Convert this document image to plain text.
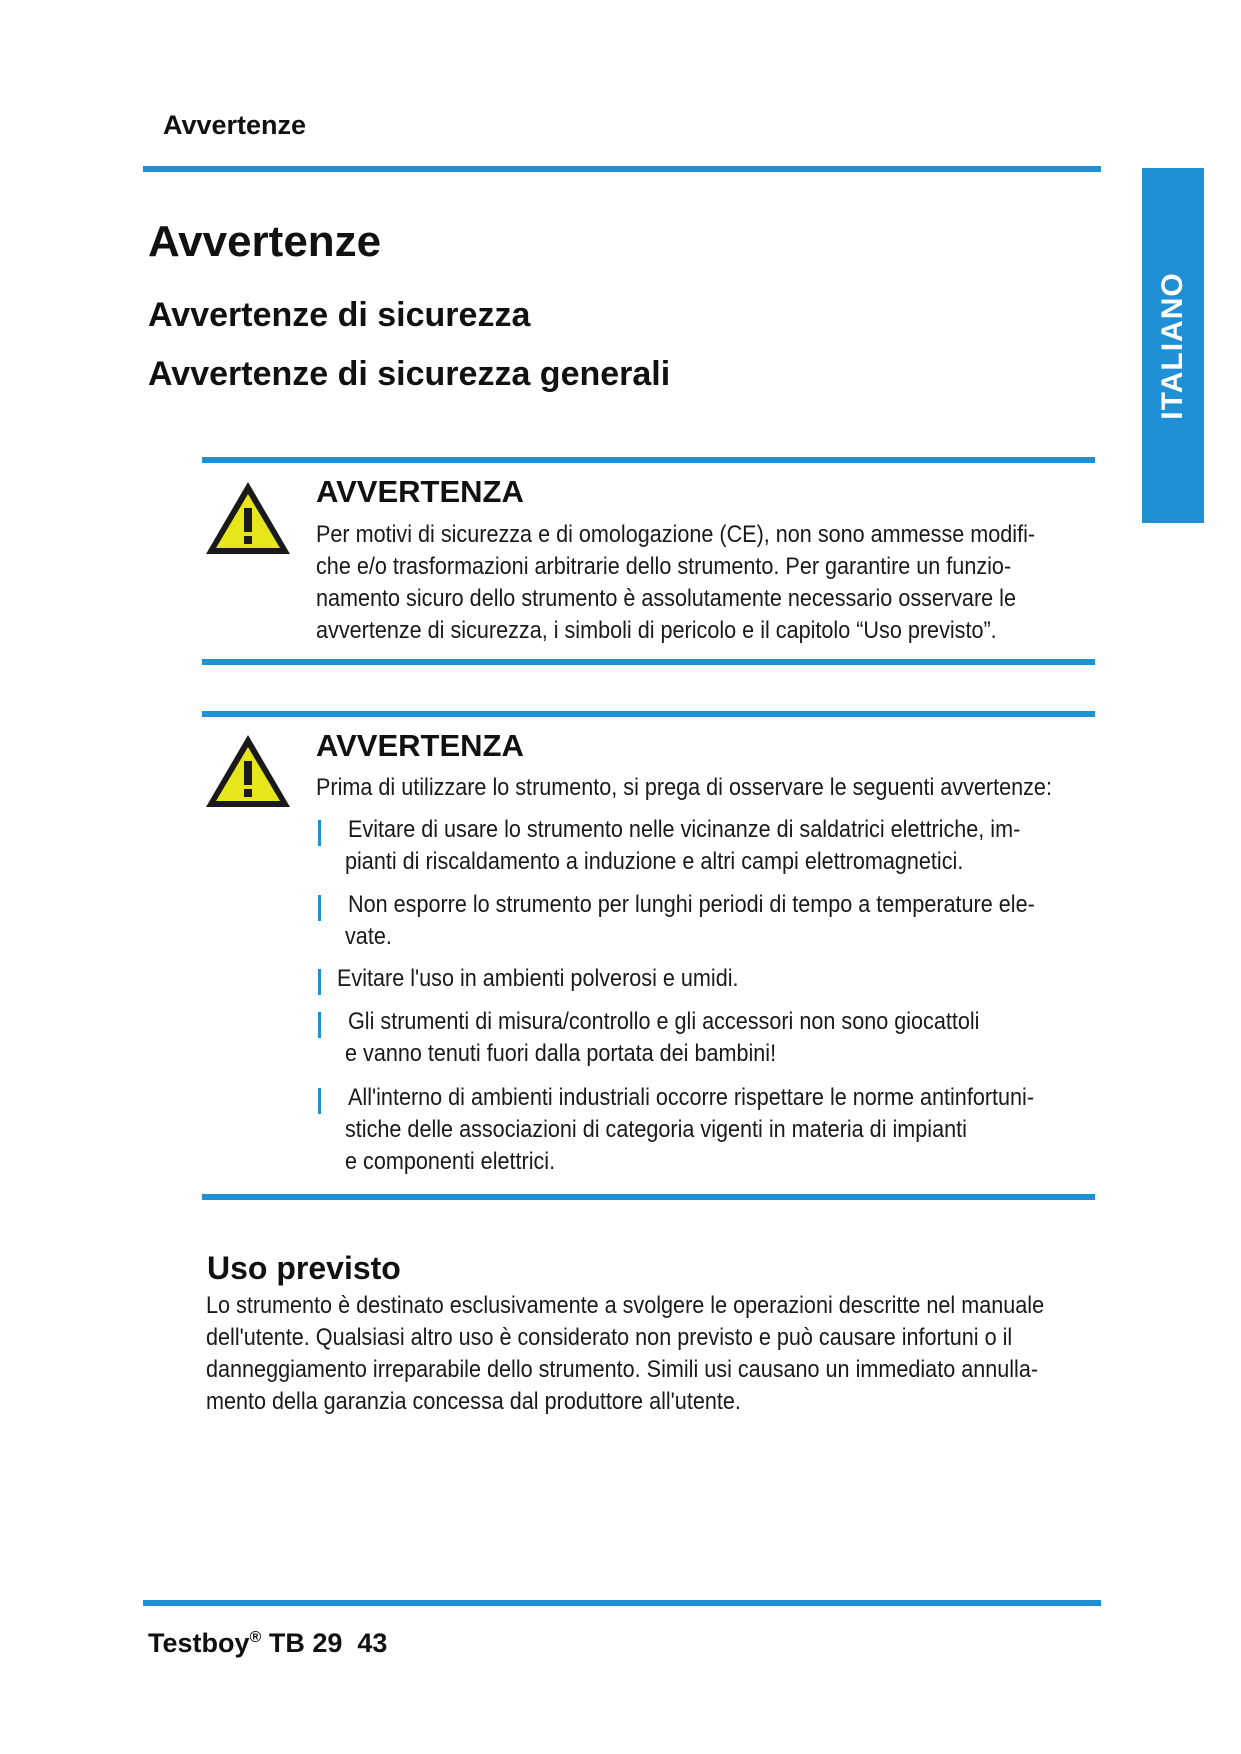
Avvertenze
ITALIANO
Avvertenze
Avvertenze di sicurezza
Avvertenze di sicurezza generali
AVVERTENZA
Per motivi di sicurezza e di omologazione (CE), non sono ammesse modifi-
che e/o trasformazioni arbitrarie dello strumento. Per garantire un funzio-
namento sicuro dello strumento è assolutamente necessario osservare le
avvertenze di sicurezza, i simboli di pericolo e il capitolo “Uso previsto”.
AVVERTENZA
Prima di utilizzare lo strumento, si prega di osservare le seguenti avvertenze:
Evitare di usare lo strumento nelle vicinanze di saldatrici elettriche, im-
pianti di riscaldamento a induzione e altri campi elettromagnetici.
Non esporre lo strumento per lunghi periodi di tempo a temperature ele-
vate.
Evitare l'uso in ambienti polverosi e umidi.
Gli strumenti di misura/controllo e gli accessori non sono giocattoli
e vanno tenuti fuori dalla portata dei bambini!
All'interno di ambienti industriali occorre rispettare le norme antinfortuni-
stiche delle associazioni di categoria vigenti in materia di impianti
e componenti elettrici.
Uso previsto
Lo strumento è destinato esclusivamente a svolgere le operazioni descritte nel manuale
dell'utente. Qualsiasi altro uso è considerato non previsto e può causare infortuni o il
danneggiamento irreparabile dello strumento. Simili usi causano un immediato annulla-
mento della garanzia concessa dal produttore all'utente.
Testboy® TB 29 43
